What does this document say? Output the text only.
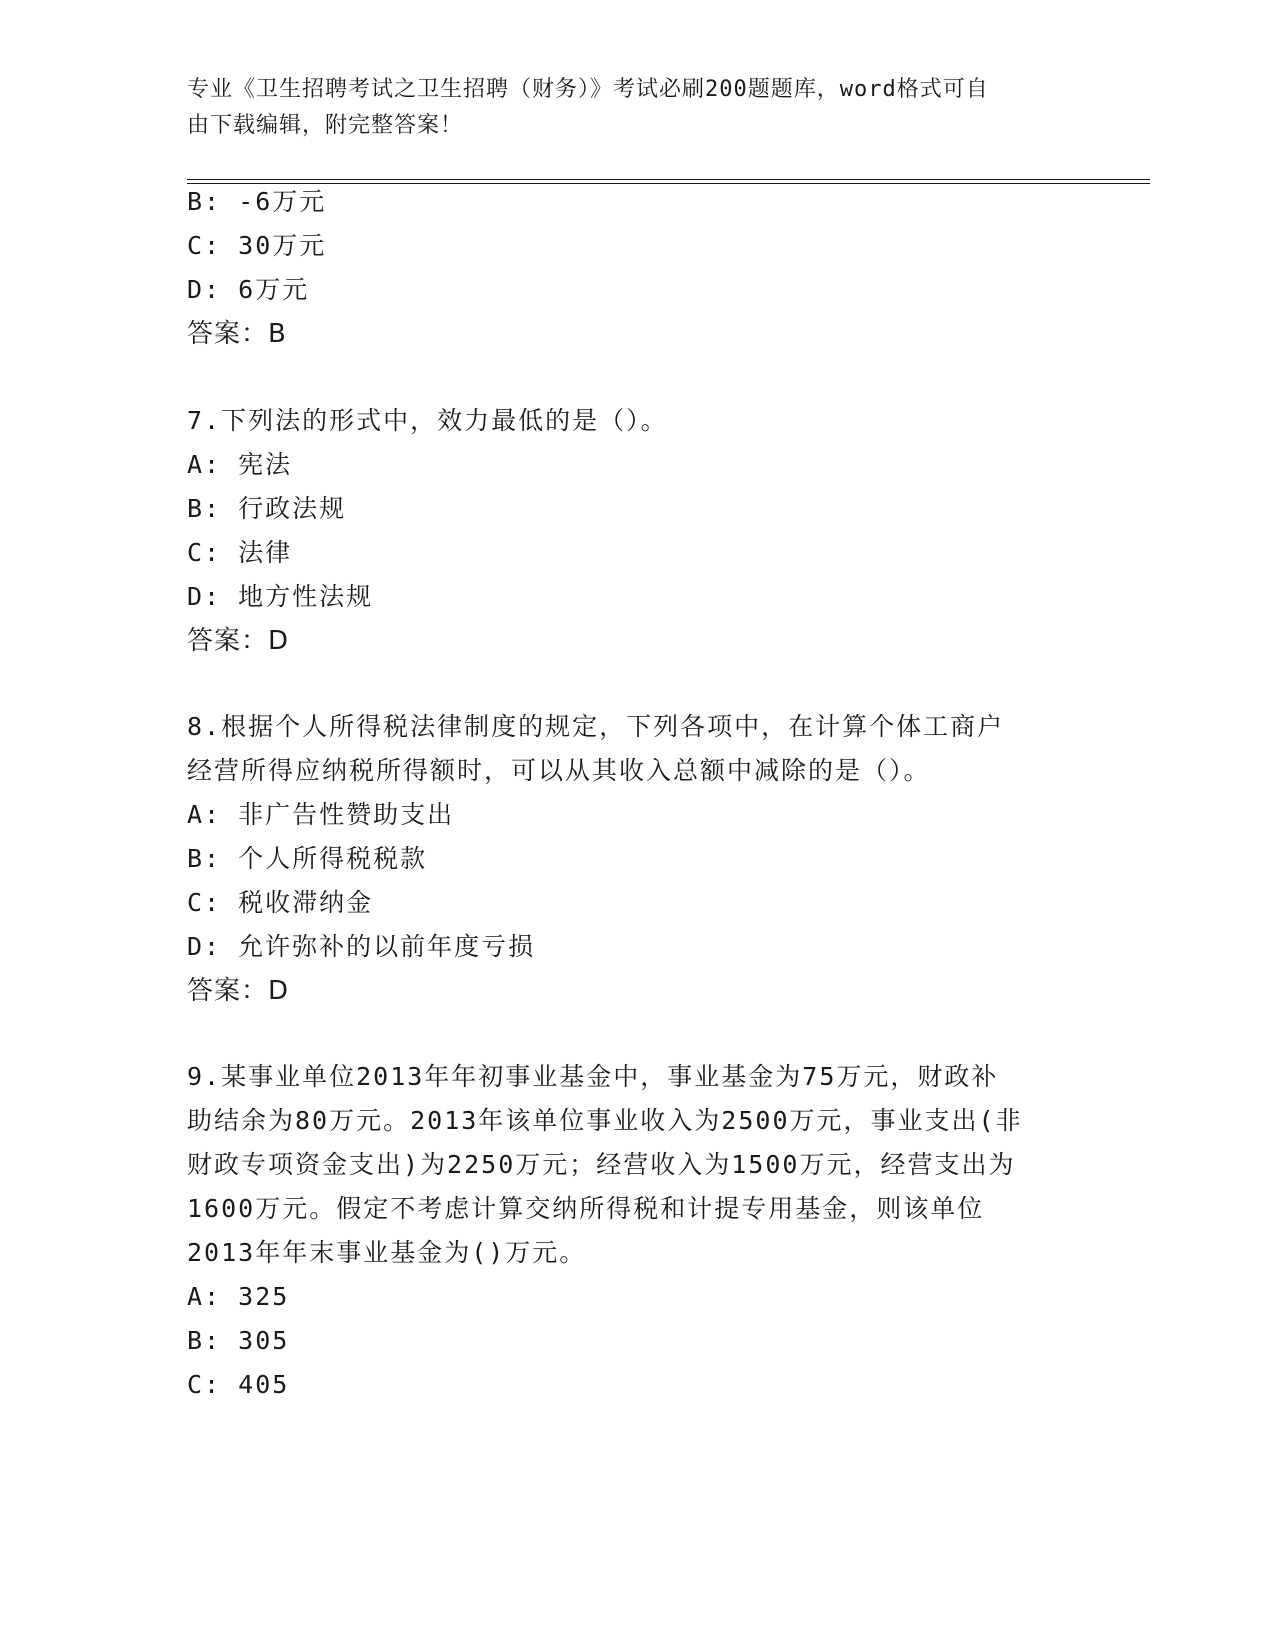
专业《卫生招聘考试之卫生招聘（财务）》考试必刷200题题库，word格式可自
由下载编辑，附完整答案！
B: -6万元
C: 30万元
D: 6万元
答案：B
7.下列法的形式中，效力最低的是（）。
A: 宪法
B: 行政法规
C: 法律
D: 地方性法规
答案：D
8.根据个人所得税法律制度的规定，下列各项中，在计算个体工商户
经营所得应纳税所得额时，可以从其收入总额中减除的是（）。
A: 非广告性赞助支出
B: 个人所得税税款
C: 税收滞纳金
D: 允许弥补的以前年度亏损
答案：D
9.某事业单位2013年年初事业基金中，事业基金为75万元，财政补
助结余为80万元。2013年该单位事业收入为2500万元，事业支出(非
财政专项资金支出)为2250万元；经营收入为1500万元，经营支出为
1600万元。假定不考虑计算交纳所得税和计提专用基金，则该单位
2013年年末事业基金为()万元。
A: 325
B: 305
C: 405
